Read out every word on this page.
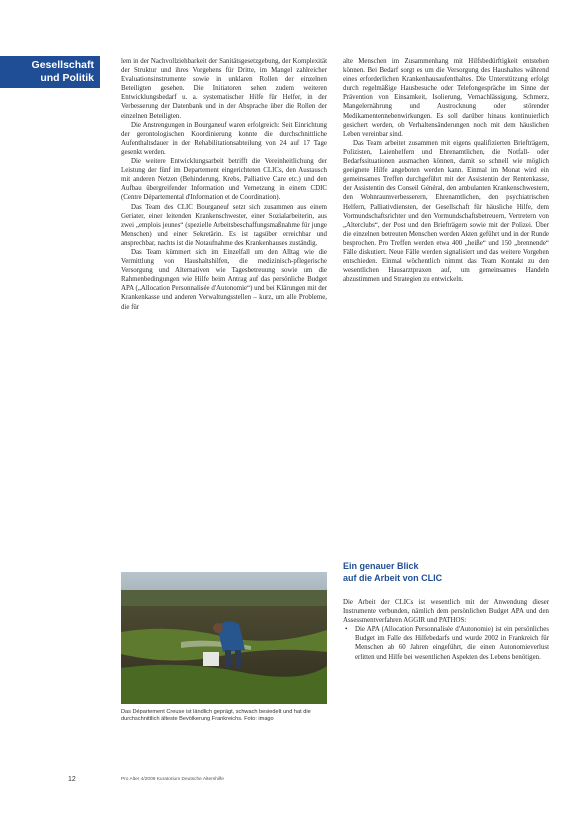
Gesellschaft
und Politik

lem in der Nachvollziehbarkeit der Sanitätsgesetzgebung, der Komplexität der Struktur und ihres Vorgehens für Dritte, im Mangel zahlreicher Evaluationsinstrumente sowie in unklaren Rollen der einzelnen Beteiligten gesehen. Die Initiatoren sehen zudem weiteren Entwicklungsbedarf u. a. systematischer Hilfe für Helfer, in der Verbesserung der Datenbank und in der Absprache über die Rollen der einzelnen Beteiligten.

Die Anstrengungen in Bourganeuf waren erfolgreich: Seit Einrichtung der gerontologischen Koordinierung konnte die durchschnittliche Aufenthaltsdauer in der Rehabilitationsabteilung von 24 auf 17 Tage gesenkt werden.

Die weitere Entwicklungsarbeit betrifft die Vereinheitlichung der Leistung der fünf im Departement eingerichteten CLICs, den Austausch mit anderen Netzen (Behinderung, Krebs, Palliative Care etc.) und den Aufbau übergreifender Information und Vernetzung in einem CDIC (Centre Départemental d'Information et de Coordination).

Das Team des CLIC Bourganeuf setzt sich zusammen aus einem Geriater, einer leitenden Krankenschwester, einer Sozialarbeiterin, aus zwei „emplois jeunes“ (spezielle Arbeitsbeschaffungsmaßnahme für junge Menschen) und einer Sekretärin. Es ist tagsüber erreichbar und ansprechbar, nachts ist die Notaufnahme des Krankenhauses zuständig.

Das Team kümmert sich im Einzelfall um den Alltag wie die Vermittlung von Haushaltshilfen, die medizinisch-pflegerische Versorgung und Alternativen wie Tagesbetreuung sowie um die Rahmenbedingungen wie Hilfe beim Antrag auf das persönliche Budget APA („Allocation Personnalisée d'Autonomie“) und bei Klärungen mit der Krankenkasse und anderen Verwaltungsstellen – kurz, um alle Probleme, die für

Das Département Creuse ist ländlich geprägt, schwach besiedelt und hat die durchschnittlich älteste Bevölkerung Frankreichs. Foto: imago

alte Menschen im Zusammenhang mit Hilfsbedürftigkeit entstehen können. Bei Bedarf sorgt es um die Versorgung des Haushaltes während eines erforderlichen Krankenhausaufenthaltes. Die Unterstützung erfolgt durch regelmäßige Hausbesuche oder Telefongespräche im Sinne der Prävention von Einsamkeit, Isolierung, Vernachlässigung, Schmerz, Mangelernährung und Austrocknung oder störender Medikamentennebenwirkungen. Es soll darüber hinaus kontinuierlich gesichert werden, ob Verhaltensänderungen noch mit dem häuslichen Leben vereinbar sind.

Das Team arbeitet zusammen mit eigens qualifizierten Briefträgern, Polizisten, Laienhelfern und Ehrenamtlichen, die Notfall- oder Bedarfssituationen ausmachen können, damit so schnell wie möglich geeignete Hilfe angeboten werden kann. Einmal im Monat wird ein gemeinsames Treffen durchgeführt mit der Assistentin der Rentenkasse, der Assistentin des Conseil Général, den ambulanten Krankenschwestern, den Wohnraumverbesserern, Ehrenamtlichen, den psychiatrischen Helfern, Palliativdiensten, der Gesellschaft für häusliche Hilfe, dem Vormundschaftsrichter und den Vormundschaftsbetreuern, Vertretern von „Alterclubs“, der Post und den Briefträgern sowie mit der Polizei. Über die einzelnen betreuten Menschen werden Akten geführt und in der Runde besprochen. Pro Treffen werden etwa 400 „heiße“ und 150 „brennende“ Fälle diskutiert. Neue Fälle werden signalisiert und das weitere Vorgehen entschieden. Einmal wöchentlich nimmt das Team Kontakt zu den wesentlichen Hausarztpraxen auf, um gemeinsames Handeln abzustimmen und Strategien zu entwickeln.

Ein genauer Blick
auf die Arbeit von CLIC

Die Arbeit der CLICs ist wesentlich mit der Anwendung dieser Instrumente verbunden, nämlich dem persönlichen Budget APA und den Assessmentverfahren AGGIR und PATHOS:

• Die APA (Allocation Personnalisée d'Autonomie) ist ein persönliches Budget im Falle des Hilfebedarfs und wurde 2002 in Frankreich für Menschen ab 60 Jahren eingeführt, die einen Autonomieverlust erlitten und Hilfe bei wesentlichen Aspekten des Lebens benötigen.

12	Pro Alter 4/2009 Kuratorium Deutsche Altershilfe
